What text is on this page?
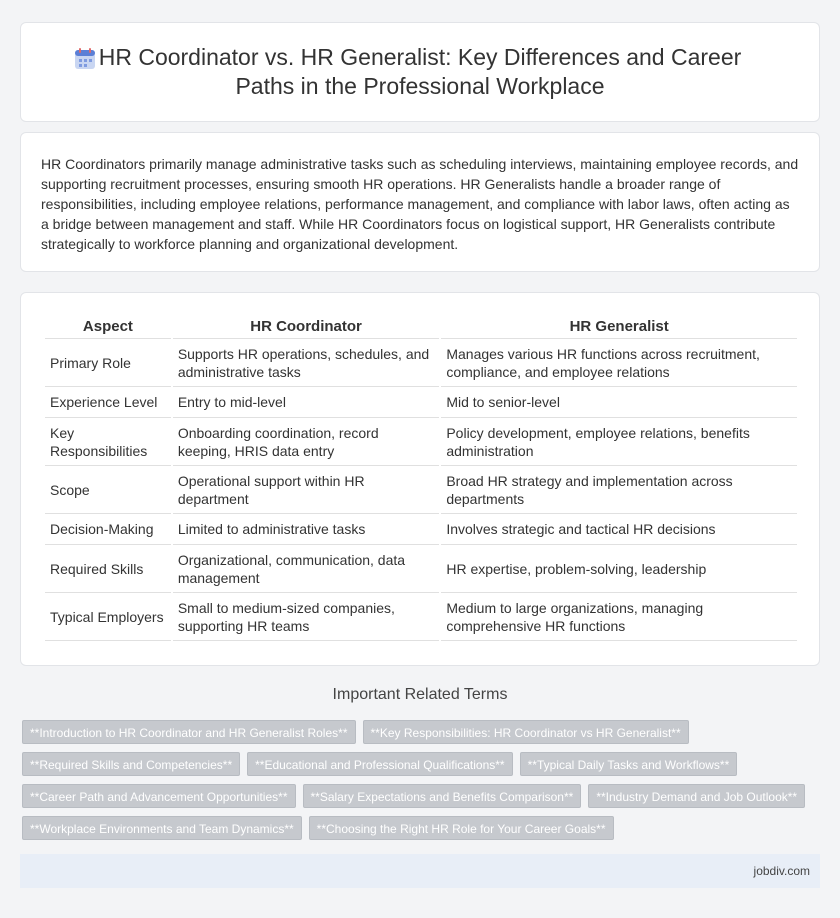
HR Coordinator vs. HR Generalist: Key Differences and Career
Paths in the Professional Workplace

HR Coordinators primarily manage administrative tasks such as scheduling interviews, maintaining employee records, and supporting recruitment processes, ensuring smooth HR operations. HR Generalists handle a broader range of responsibilities, including employee relations, performance management, and compliance with labor laws, often acting as a bridge between management and staff. While HR Coordinators focus on logistical support, HR Generalists contribute strategically to workforce planning and organizational development.

Aspect	HR Coordinator	HR Generalist
Primary Role	Supports HR operations, schedules, and administrative tasks	Manages various HR functions across recruitment, compliance, and employee relations
Experience Level	Entry to mid-level	Mid to senior-level
Key Responsibilities	Onboarding coordination, record keeping, HRIS data entry	Policy development, employee relations, benefits administration
Scope	Operational support within HR department	Broad HR strategy and implementation across departments
Decision-Making	Limited to administrative tasks	Involves strategic and tactical HR decisions
Required Skills	Organizational, communication, data management	HR expertise, problem-solving, leadership
Typical Employers	Small to medium-sized companies, supporting HR teams	Medium to large organizations, managing comprehensive HR functions
Important Related Terms
**Introduction to HR Coordinator and HR Generalist Roles**	**Key Responsibilities: HR Coordinator vs HR Generalist**
**Required Skills and Competencies**	**Educational and Professional Qualifications**	**Typical Daily Tasks and Workflows**
**Career Path and Advancement Opportunities**	**Salary Expectations and Benefits Comparison**	**Industry Demand and Job Outlook**
**Workplace Environments and Team Dynamics**	**Choosing the Right HR Role for Your Career Goals**
jobdiv.com
